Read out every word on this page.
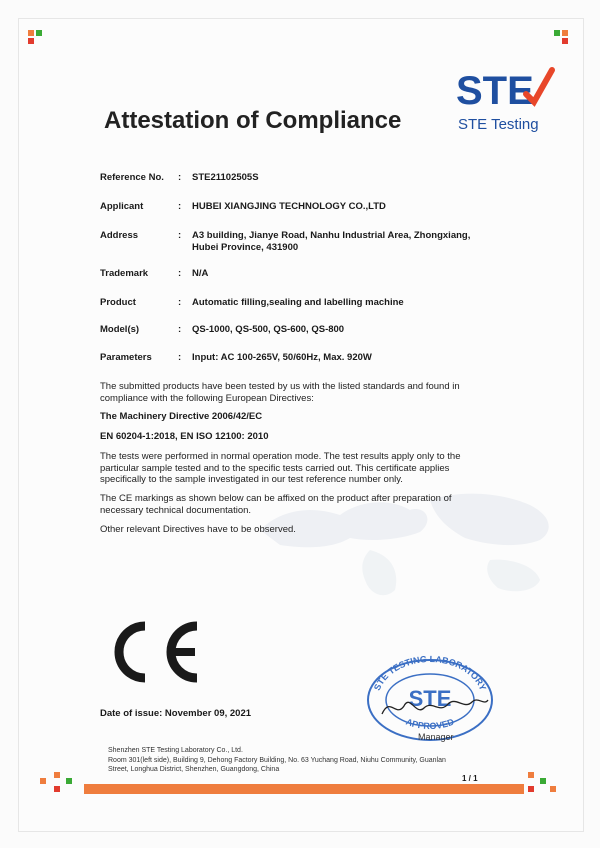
STE
STE Testing
Attestation of Compliance
Reference No.	: STE21102505S
Applicant	: HUBEI XIANGJING TECHNOLOGY CO.,LTD
Address	: A3 building, Jianye Road, Nanhu Industrial Area, Zhongxiang, Hubei Province, 431900
Trademark	: N/A
Product	: Automatic filling,sealing and labelling machine
Model(s)	: QS-1000, QS-500, QS-600, QS-800
Parameters	: Input: AC 100-265V, 50/60Hz, Max. 920W
The submitted products have been tested by us with the listed standards and found in compliance with the following European Directives:
The Machinery Directive 2006/42/EC
EN 60204-1:2018, EN ISO 12100: 2010
The tests were performed in normal operation mode. The test results apply only to the particular sample tested and to the specific tests carried out. This certificate applies specifically to the sample investigated in our test reference number only.
The CE markings as shown below can be affixed on the product after preparation of necessary technical documentation.
Other relevant Directives have to be observed.
Date of issue: November 09, 2021
STE TESTING LABORATORY
STE
APPROVED
Manager
Shenzhen STE Testing Laboratory Co., Ltd.
Room 301(left side), Building 9, Dehong Factory Building, No. 63 Yuchang Road, Niuhu Community, Guanlan
Street, Longhua District, Shenzhen, Guangdong, China
1 / 1
